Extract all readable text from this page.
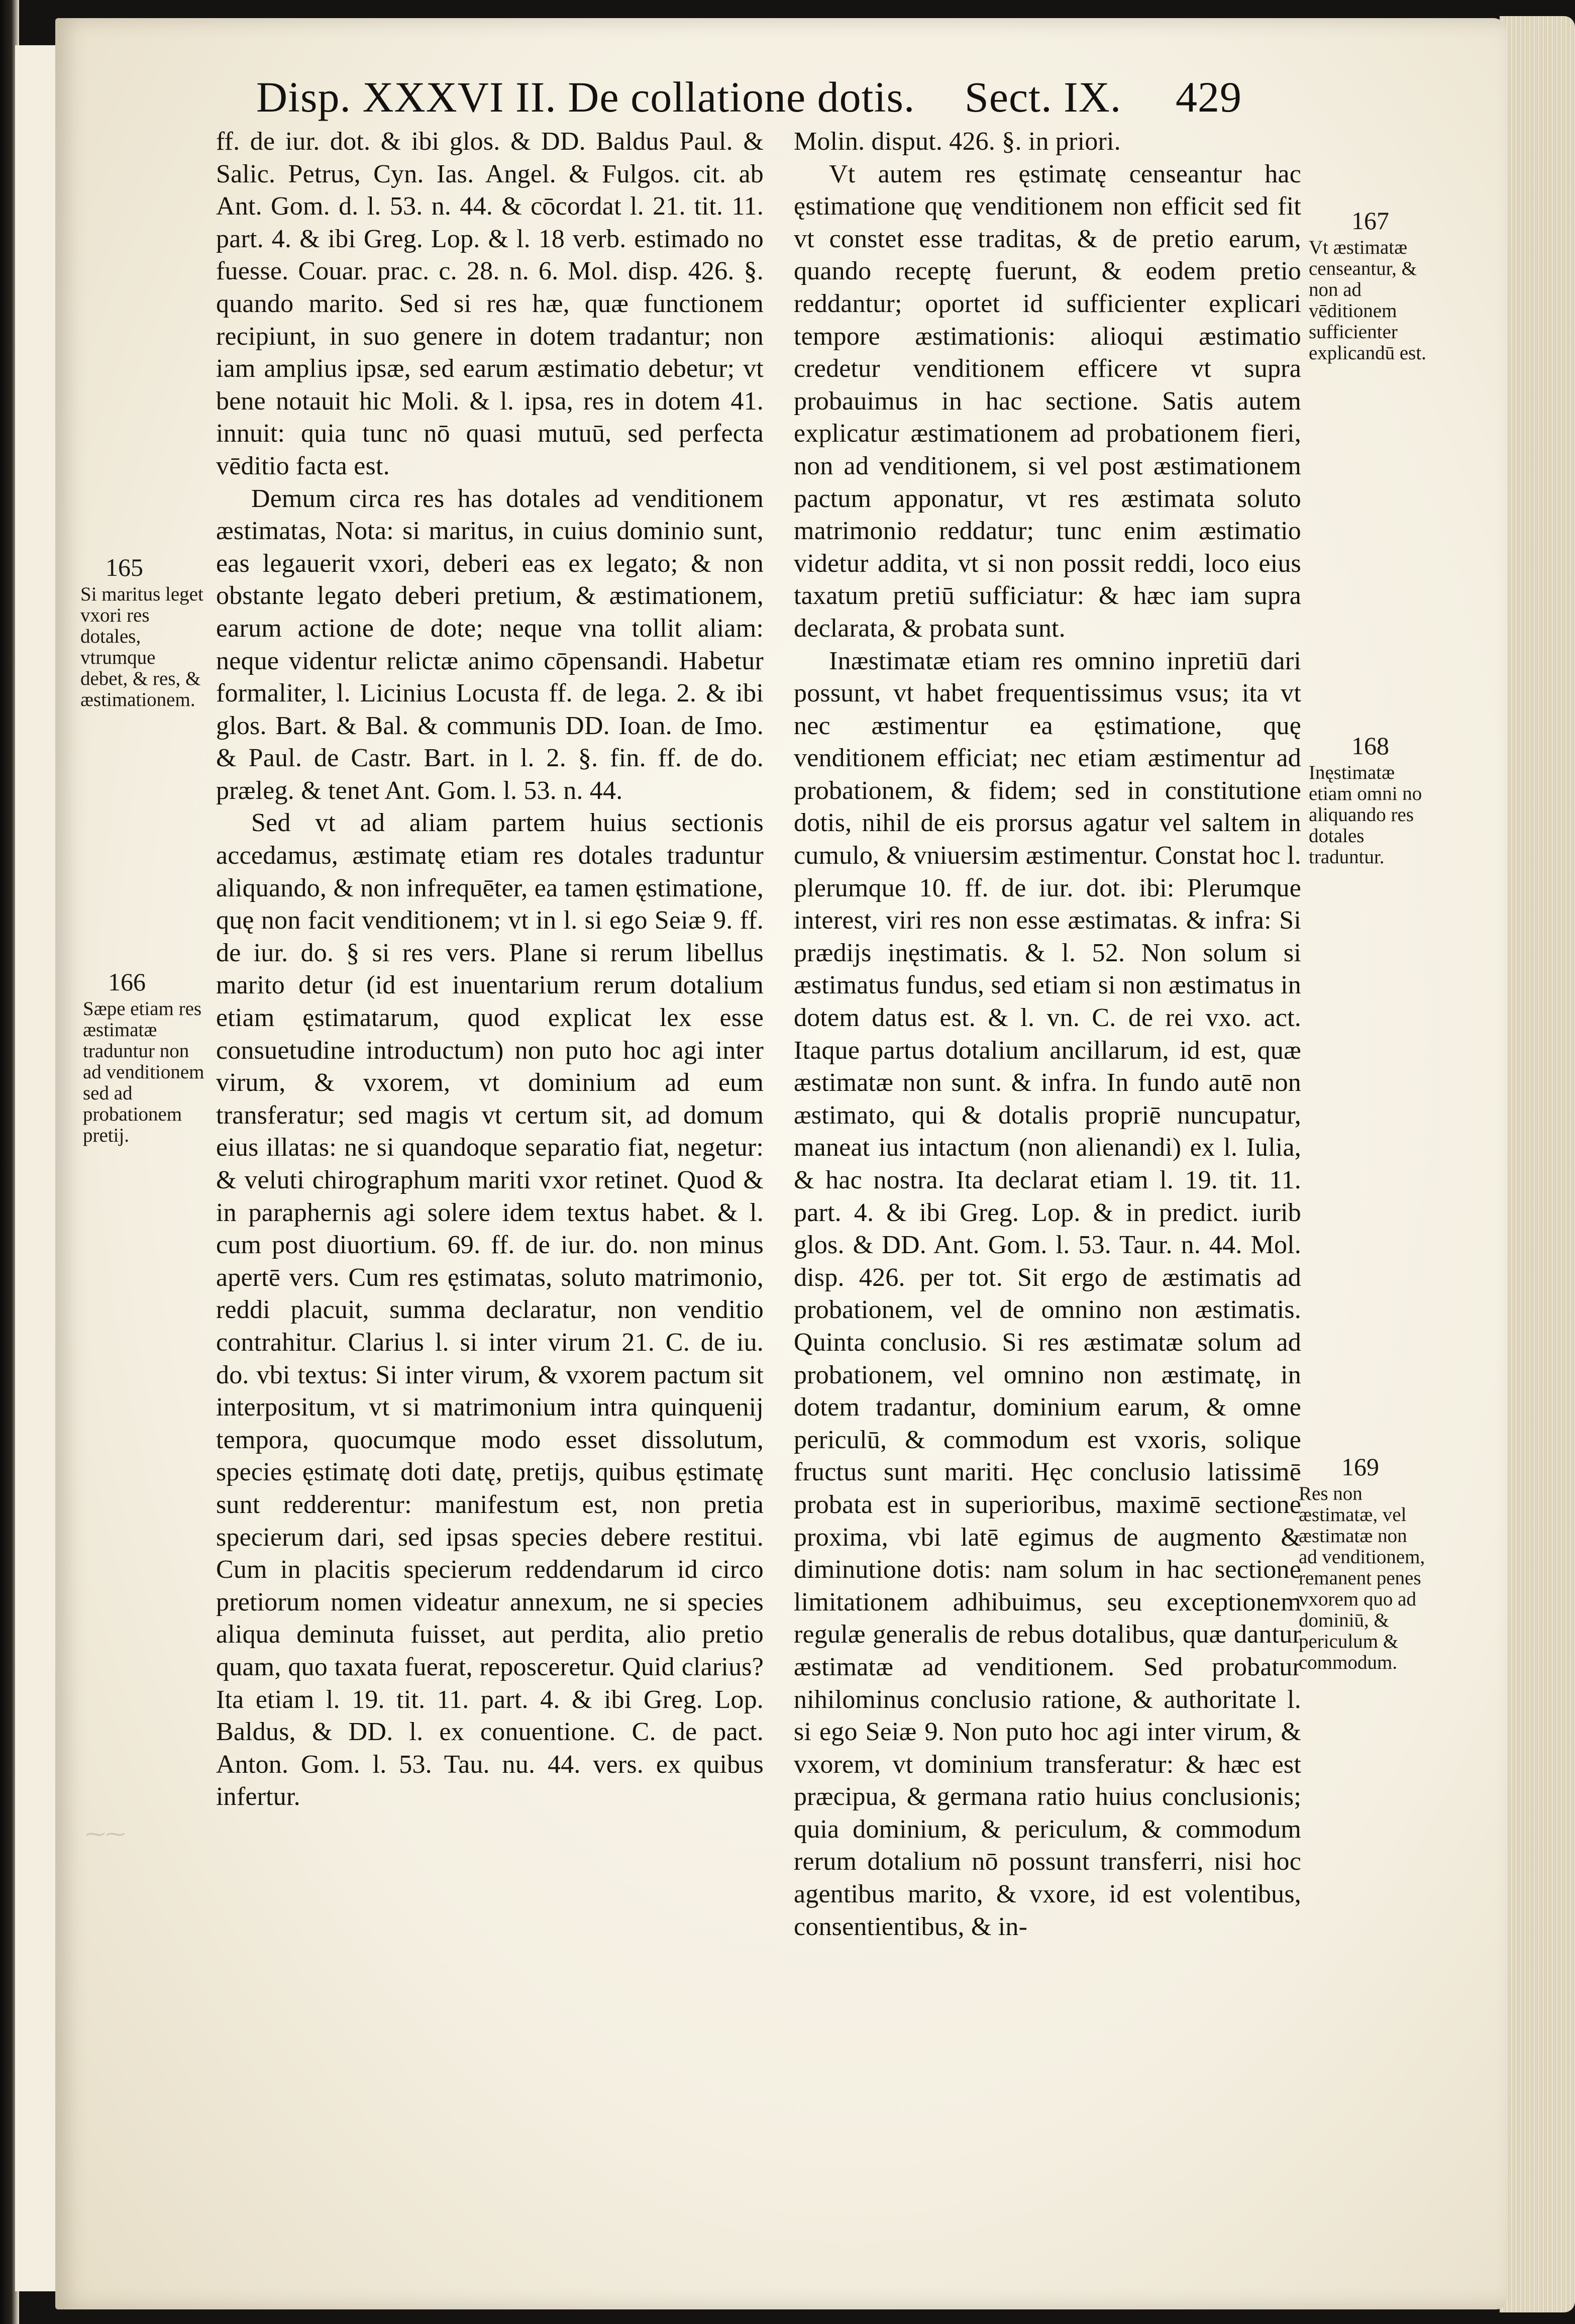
⁓⁓
Disp. XXXVI II. De collatione dotis. Sect. IX. 429

ff. de iur. dot. & ibi glos. & DD. Baldus Paul. & Salic. Petrus, Cyn. Ias. Angel. & Fulgos. cit. ab Ant. Gom. d. l. 53. n. 44. & cōcordat l. 21. tit. 11. part. 4. & ibi Greg. Lop. & l. 18 verb. estimado no fuesse. Couar. prac. c. 28. n. 6. Mol. disp. 426. §. quando marito. Sed si res hæ, quæ functionem recipiunt, in suo genere in dotem tradantur; non iam amplius ipsæ, sed earum æstimatio debetur; vt bene notauit hic Moli. & l. ipsa, res in dotem 41. innuit: quia tunc nō quasi mutuū, sed perfecta vēditio facta est.

Demum circa res has dotales ad venditionem æstimatas, Nota: si maritus, in cuius dominio sunt, eas legauerit vxori, deberi eas ex legato; & non obstante legato deberi pretium, & æstimationem, earum actione de dote; neque vna tollit aliam: neque videntur relictæ animo cōpensandi. Habetur formaliter, l. Licinius Locusta ff. de lega. 2. & ibi glos. Bart. & Bal. & communis DD. Ioan. de Imo. & Paul. de Castr. Bart. in l. 2. §. fin. ff. de do. præleg. & tenet Ant. Gom. l. 53. n. 44.

Sed vt ad aliam partem huius sectionis accedamus, æstimatę etiam res dotales traduntur aliquando, & non infrequēter, ea tamen ęstimatione, quę non facit venditionem; vt in l. si ego Seiæ 9. ff. de iur. do. § si res vers. Plane si rerum libellus marito detur (id est inuentarium rerum dotalium etiam ęstimatarum, quod explicat lex esse consuetudine introductum) non puto hoc agi inter virum, & vxorem, vt dominium ad eum transferatur; sed magis vt certum sit, ad domum eius illatas: ne si quandoque separatio fiat, negetur: & veluti chirographum mariti vxor retinet. Quod & in paraphernis agi solere idem textus habet. & l. cum post diuortium. 69. ff. de iur. do. non minus apertē vers. Cum res ęstimatas, soluto matrimonio, reddi placuit, summa declaratur, non venditio contrahitur. Clarius l. si inter virum 21. C. de iu. do. vbi textus: Si inter virum, & vxorem pactum sit interpositum, vt si matrimonium intra quinquenij tempora, quocumque modo esset dissolutum, species ęstimatę doti datę, pretijs, quibus ęstimatę sunt redderentur: manifestum est, non pretia specierum dari, sed ipsas species debere restitui. Cum in placitis specierum reddendarum id circo pretiorum nomen videatur annexum, ne si species aliqua deminuta fuisset, aut perdita, alio pretio quam, quo taxata fuerat, reposceretur. Quid clarius? Ita etiam l. 19. tit. 11. part. 4. & ibi Greg. Lop. Baldus, & DD. l. ex conuentione. C. de pact. Anton. Gom. l. 53. Tau. nu. 44. vers. ex quibus infertur.

Molin. disput. 426. §. in priori.

Vt autem res ęstimatę censeantur hac ęstimatione quę venditionem non efficit sed fit vt constet esse traditas, & de pretio earum, quando receptę fuerunt, & eodem pretio reddantur; oportet id sufficienter explicari tempore æstimationis: alioqui æstimatio credetur venditionem efficere vt supra probauimus in hac sectione. Satis autem explicatur æstimationem ad probationem fieri, non ad venditionem, si vel post æstimationem pactum apponatur, vt res æstimata soluto matrimonio reddatur; tunc enim æstimatio videtur addita, vt si non possit reddi, loco eius taxatum pretiū sufficiatur: & hæc iam supra declarata, & probata sunt.

Inæstimatæ etiam res omnino inpretiū dari possunt, vt habet frequentissimus vsus; ita vt nec æstimentur ea ęstimatione, quę venditionem efficiat; nec etiam æstimentur ad probationem, & fidem; sed in constitutione dotis, nihil de eis prorsus agatur vel saltem in cumulo, & vniuersim æstimentur. Constat hoc l. plerumque 10. ff. de iur. dot. ibi: Plerumque interest, viri res non esse æstimatas. & infra: Si prædijs inęstimatis. & l. 52. Non solum si æstimatus fundus, sed etiam si non æstimatus in dotem datus est. & l. vn. C. de rei vxo. act. Itaque partus dotalium ancillarum, id est, quæ æstimatæ non sunt. & infra. In fundo autē non æstimato, qui & dotalis propriē nuncupatur, maneat ius intactum (non alienandi) ex l. Iulia, & hac nostra. Ita declarat etiam l. 19. tit. 11. part. 4. & ibi Greg. Lop. & in predict. iurib glos. & DD. Ant. Gom. l. 53. Taur. n. 44. Mol. disp. 426. per tot. Sit ergo de æstimatis ad probationem, vel de omnino non æstimatis. Quinta conclusio. Si res æstimatæ solum ad probationem, vel omnino non æstimatę, in dotem tradantur, dominium earum, & omne periculū, & commodum est vxoris, solique fructus sunt mariti. Hęc conclusio latissimē probata est in superioribus, maximē sectione proxima, vbi latē egimus de augmento & diminutione dotis: nam solum in hac sectione limitationem adhibuimus, seu exceptionem regulæ generalis de rebus dotalibus, quæ dantur æstimatæ ad venditionem. Sed probatur nihilominus conclusio ratione, & authoritate l. si ego Seiæ 9. Non puto hoc agi inter virum, & vxorem, vt dominium transferatur: & hæc est præcipua, & germana ratio huius conclusionis; quia dominium, & periculum, & commodum rerum dotalium nō possunt transferri, nisi hoc agentibus marito, & vxore, id est volentibus, consentientibus, & in-

165
Si maritus leget vxori res dotales, vtrumque debet, & res, & æstimationem.
166
Sæpe etiam res æstimatæ traduntur non ad venditionem sed ad probationem pretij.
167
Vt æstimatæ censeantur, & non ad vēditionem sufficienter explicandū est.
168
Inęstimatæ etiam omni no aliquando res dotales traduntur.
169
Res non æstimatæ, vel æstimatæ non ad venditionem, remanent penes vxorem quo ad dominiū, & periculum & commodum.
